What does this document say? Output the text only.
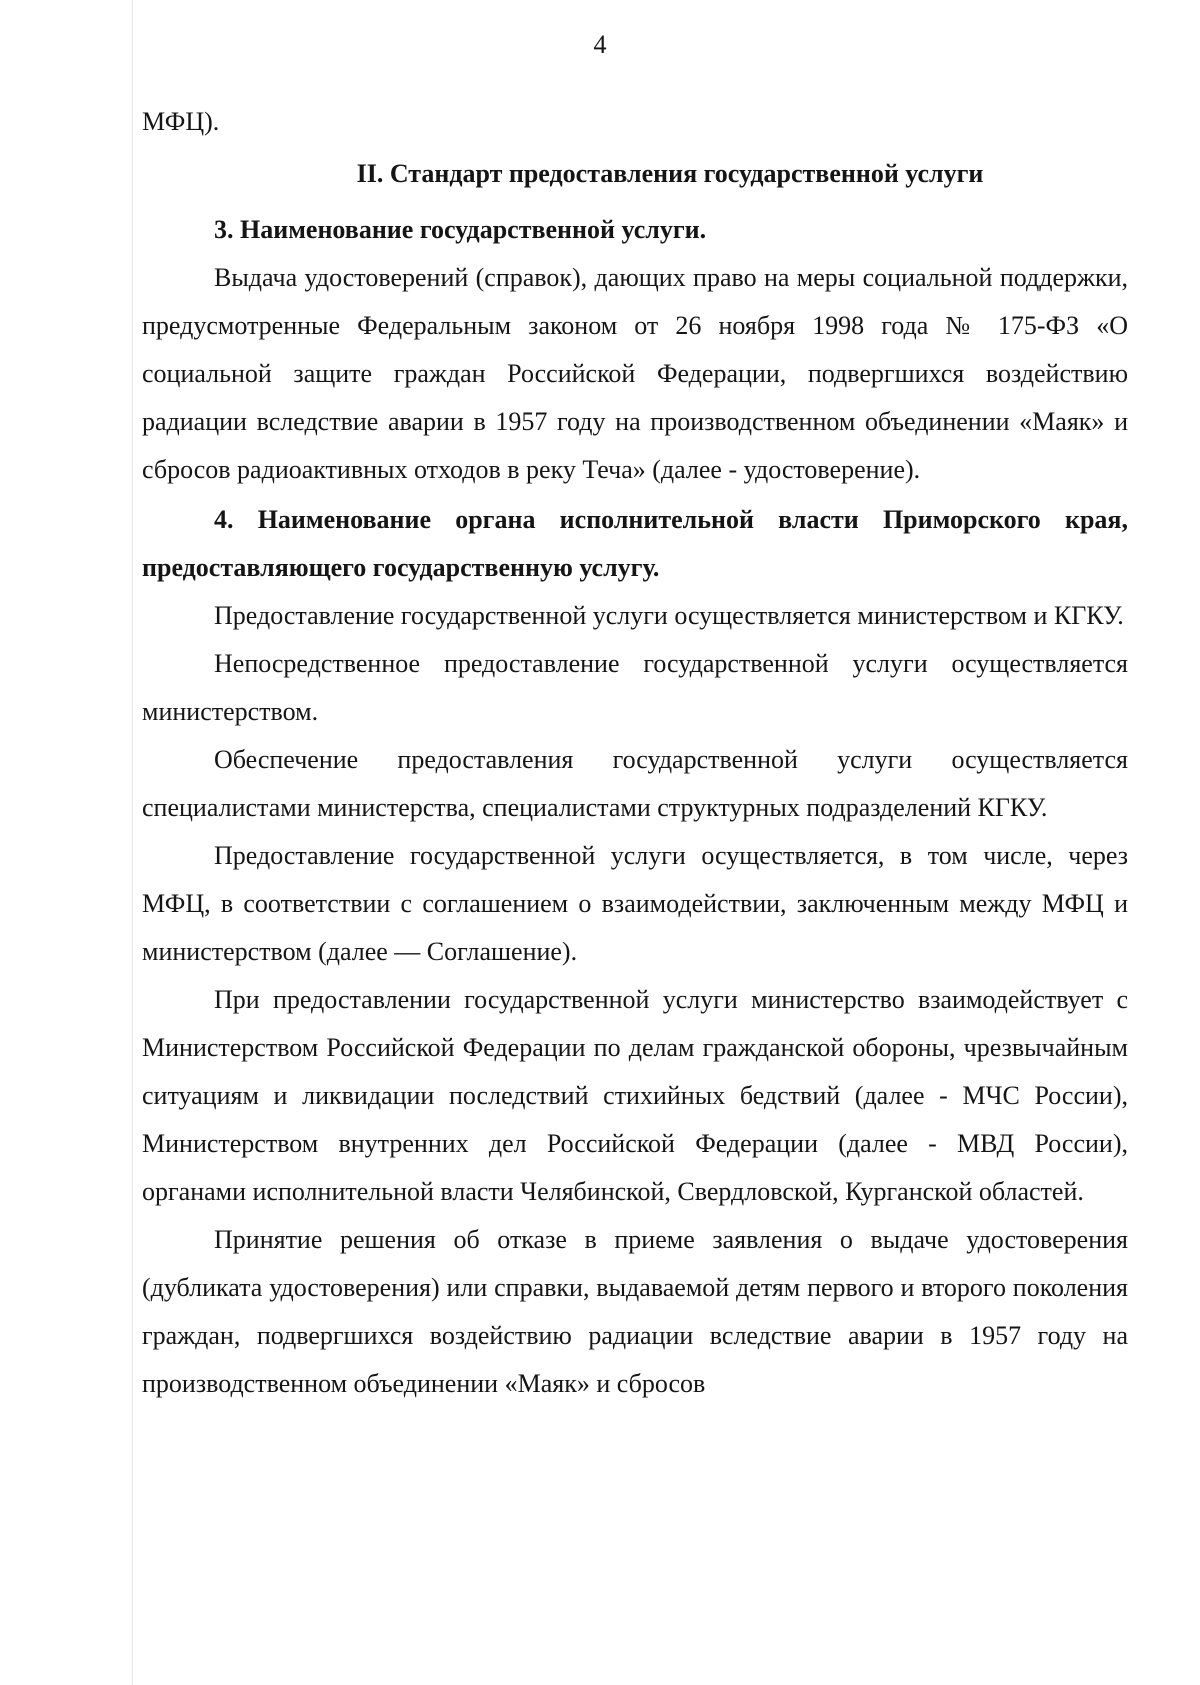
4

МФЦ).

II. Стандарт предоставления государственной услуги

3. Наименование государственной услуги.

Выдача удостоверений (справок), дающих право на меры социальной поддержки, предусмотренные Федеральным законом от 26 ноября 1998 года № 175-ФЗ «О социальной защите граждан Российской Федерации, подвергшихся воздействию радиации вследствие аварии в 1957 году на производственном объединении «Маяк» и сбросов радиоактивных отходов в реку Теча» (далее - удостоверение).

4. Наименование органа исполнительной власти Приморского края, предоставляющего государственную услугу.

Предоставление государственной услуги осуществляется министерством и КГКУ.

Непосредственное предоставление государственной услуги осуществляется министерством.

Обеспечение предоставления государственной услуги осуществляется специалистами министерства, специалистами структурных подразделений КГКУ.

Предоставление государственной услуги осуществляется, в том числе, через МФЦ, в соответствии с соглашением о взаимодействии, заключенным между МФЦ и министерством (далее — Соглашение).

При предоставлении государственной услуги министерство взаимодействует с Министерством Российской Федерации по делам гражданской обороны, чрезвычайным ситуациям и ликвидации последствий стихийных бедствий (далее - МЧС России), Министерством внутренних дел Российской Федерации (далее - МВД России), органами исполнительной власти Челябинской, Свердловской, Курганской областей.

Принятие решения об отказе в приеме заявления о выдаче удостоверения (дубликата удостоверения) или справки, выдаваемой детям первого и второго поколения граждан, подвергшихся воздействию радиации вследствие аварии в 1957 году на производственном объединении «Маяк» и сбросов
